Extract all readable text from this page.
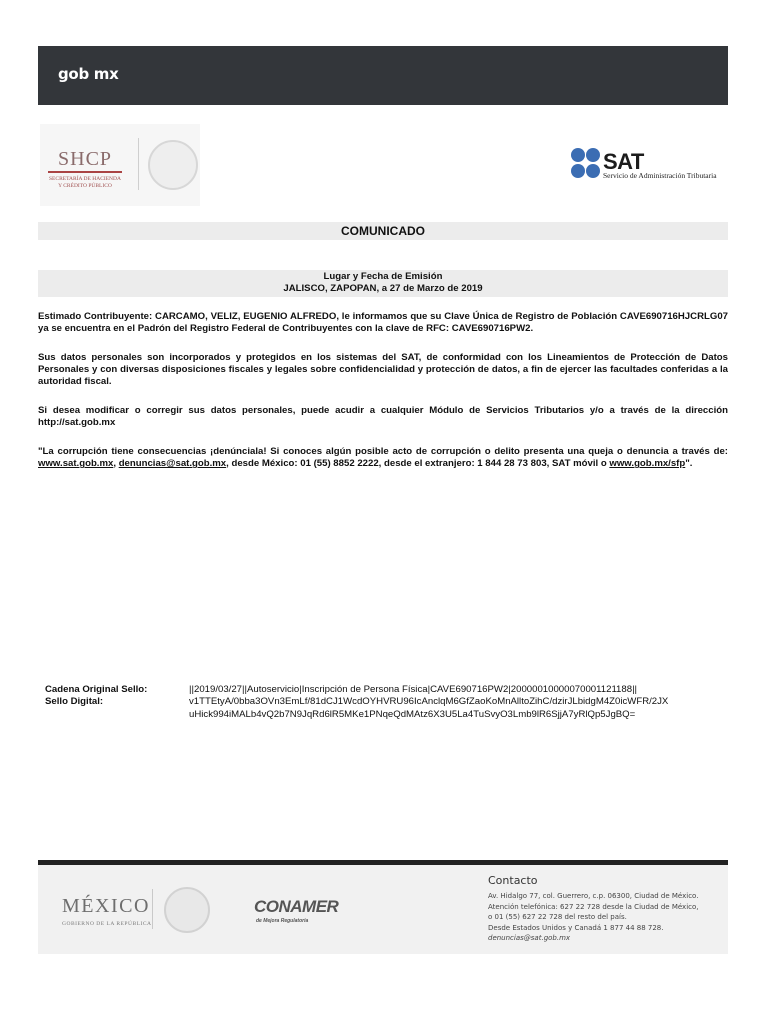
gob mx
SHCP
SECRETARÍA DE HACIENDA
Y CRÉDITO PÚBLICO
SAT
Servicio de Administración Tributaria
COMUNICADO
Lugar y Fecha de Emisión
JALISCO, ZAPOPAN, a 27 de Marzo de 2019
Estimado Contribuyente: CARCAMO, VELIZ, EUGENIO ALFREDO, le informamos que su Clave Única de Registro de Población CAVE690716HJCRLG07 ya se encuentra en el Padrón del Registro Federal de Contribuyentes con la clave de RFC: CAVE690716PW2.
Sus datos personales son incorporados y protegidos en los sistemas del SAT, de conformidad con los Lineamientos de Protección de Datos Personales y con diversas disposiciones fiscales y legales sobre confidencialidad y protección de datos, a fin de ejercer las facultades conferidas a la autoridad fiscal.
Si desea modificar o corregir sus datos personales, puede acudir a cualquier Módulo de Servicios Tributarios y/o a través de la dirección http://sat.gob.mx
"La corrupción tiene consecuencias ¡denúnciala! Si conoces algún posible acto de corrupción o delito presenta una queja o denuncia a través de: www.sat.gob.mx, denuncias@sat.gob.mx, desde México: 01 (55) 8852 2222, desde el extranjero: 1 844 28 73 803, SAT móvil o www.gob.mx/sfp".
Cadena Original Sello:
Sello Digital:
||2019/03/27||Autoservicio|Inscripción de Persona Física|CAVE690716PW2|20000010000070001121188||
v1TTEtyA/0bba3OVn3EmLf/81dCJ1WcdOYHVRU96IcAnclqM6GfZaoKoMnAlltoZihC/dzirJLbidgM4Z0icWFR/2JX
uHick994iMALb4vQ2b7N9JqRd6lR5MKe1PNqeQdMAtz6X3U5La4TuSvyO3Lmb9lR6SjjA7yRlQp5JgBQ=
MÉXICO
GOBIERNO DE LA REPÚBLICA
CONAMER
de Mejora Regulatoria
Contacto
Av. Hidalgo 77, col. Guerrero, c.p. 06300, Ciudad de México.
Atención telefónica: 627 22 728 desde la Ciudad de México,
o 01 (55) 627 22 728 del resto del país.
Desde Estados Unidos y Canadá 1 877 44 88 728.
denuncias@sat.gob.mx
